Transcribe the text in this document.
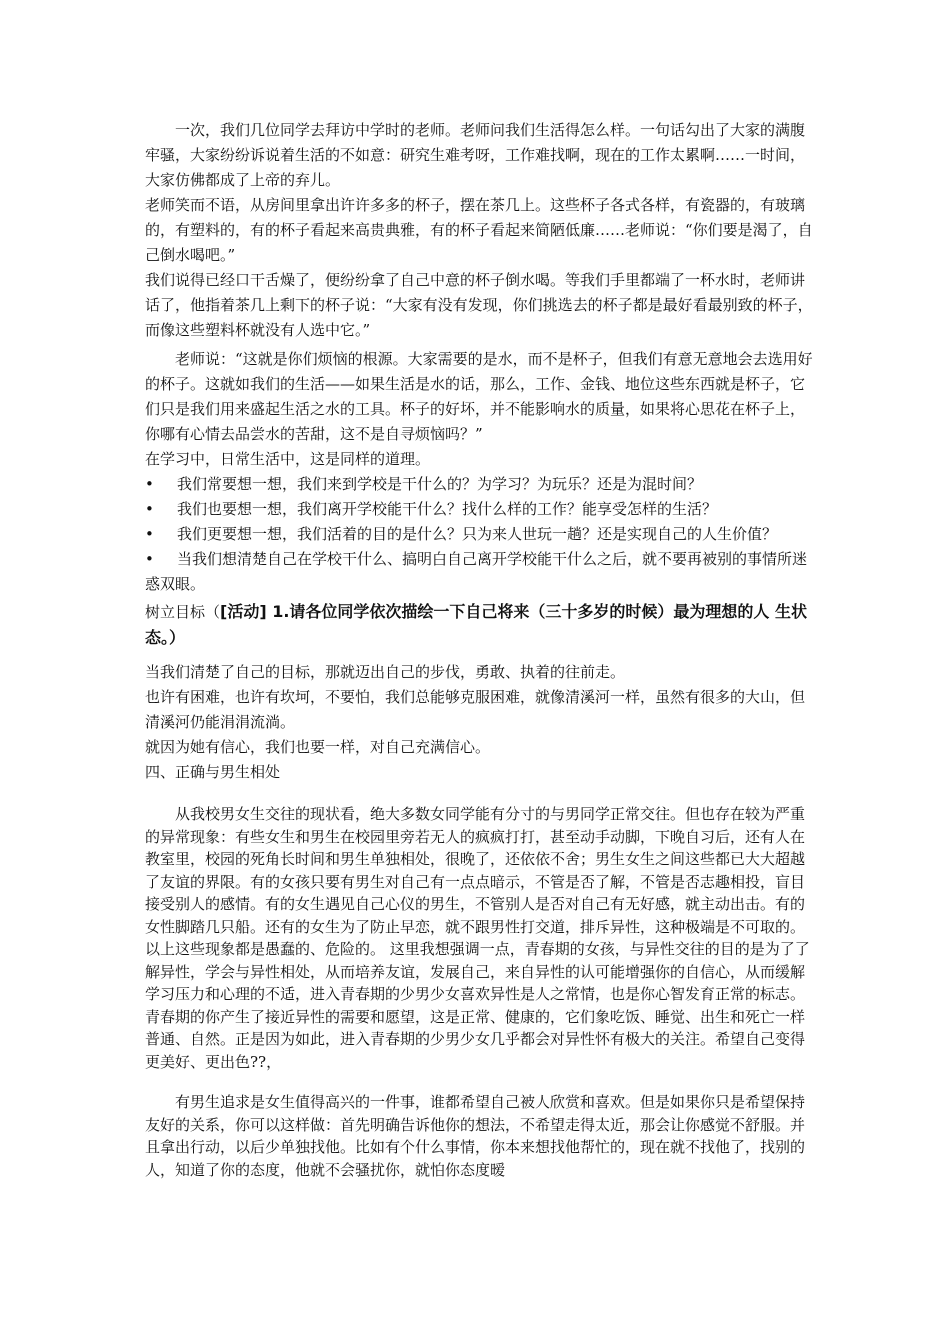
一次，我们几位同学去拜访中学时的老师。老师问我们生活得怎么样。一句话勾出了大家的满腹牢骚，大家纷纷诉说着生活的不如意：研究生难考呀，工作难找啊，现在的工作太累啊……一时间，大家仿佛都成了上帝的弃儿。

老师笑而不语，从房间里拿出许许多多的杯子，摆在茶几上。这些杯子各式各样，有瓷器的，有玻璃的，有塑料的，有的杯子看起来高贵典雅，有的杯子看起来简陋低廉……老师说：“你们要是渴了，自己倒水喝吧。”

我们说得已经口干舌燥了，便纷纷拿了自己中意的杯子倒水喝。等我们手里都端了一杯水时，老师讲话了，他指着茶几上剩下的杯子说：“大家有没有发现，你们挑选去的杯子都是最好看最别致的杯子，而像这些塑料杯就没有人选中它。”

老师说：“这就是你们烦恼的根源。大家需要的是水，而不是杯子，但我们有意无意地会去选用好的杯子。这就如我们的生活——如果生活是水的话，那么，工作、金钱、地位这些东西就是杯子，它们只是我们用来盛起生活之水的工具。杯子的好坏，并不能影响水的质量，如果将心思花在杯子上，你哪有心情去品尝水的苦甜，这不是自寻烦恼吗？”

在学习中，日常生活中，这是同样的道理。

•	我们常要想一想，我们来到学校是干什么的？为学习？为玩乐？还是为混时间？
•	我们也要想一想，我们离开学校能干什么？找什么样的工作？能享受怎样的生活？

• 我们更要想一想，我们活着的目的是什么？只为来人世玩一趟？还是实现自己的人生价值？

• 当我们想清楚自己在学校干什么、搞明白自己离开学校能干什么之后，就不要再被别的事情所迷惑双眼。

树立目标（[活动] 1.请各位同学依次描绘一下自己将来（三十多岁的时候）最为理想的人 生状态。）

当我们清楚了自己的目标，那就迈出自己的步伐，勇敢、执着的往前走。

也许有困难，也许有坎坷，不要怕，我们总能够克服困难，就像清溪河一样，虽然有很多的大山，但清溪河仍能涓涓流淌。

就因为她有信心，我们也要一样，对自己充满信心。

四、正确与男生相处

从我校男女生交往的现状看，绝大多数女同学能有分寸的与男同学正常交往。但也存在较为严重的异常现象：有些女生和男生在校园里旁若无人的疯疯打打，甚至动手动脚，下晚自习后，还有人在教室里，校园的死角长时间和男生单独相处，很晚了，还依依不舍；男生女生之间这些都已大大超越了友谊的界限。有的女孩只要有男生对自己有一点点暗示，不管是否了解，不管是否志趣相投，盲目接受别人的感情。有的女生遇见自己心仪的男生，不管别人是否对自己有无好感，就主动出击。有的女性脚踏几只船。还有的女生为了防止早恋，就不跟男性打交道，排斥异性，这种极端是不可取的。以上这些现象都是愚蠢的、危险的。 这里我想强调一点，青春期的女孩，与异性交往的目的是为了了解异性，学会与异性相处，从而培养友谊，发展自己，来自异性的认可能增强你的自信心，从而缓解学习压力和心理的不适，进入青春期的少男少女喜欢异性是人之常情，也是你心智发育正常的标志。青春期的你产生了接近异性的需要和愿望，这是正常、健康的，它们象吃饭、睡觉、出生和死亡一样普通、自然。正是因为如此，进入青春期的少男少女几乎都会对异性怀有极大的关注。希望自己变得更美好、更出色??，

有男生追求是女生值得高兴的一件事，谁都希望自己被人欣赏和喜欢。但是如果你只是希望保持友好的关系，你可以这样做：首先明确告诉他你的想法，不希望走得太近，那会让你感觉不舒服。并且拿出行动，以后少单独找他。比如有个什么事情，你本来想找他帮忙的，现在就不找他了，找别的人，知道了你的态度，他就不会骚扰你，就怕你态度暧
